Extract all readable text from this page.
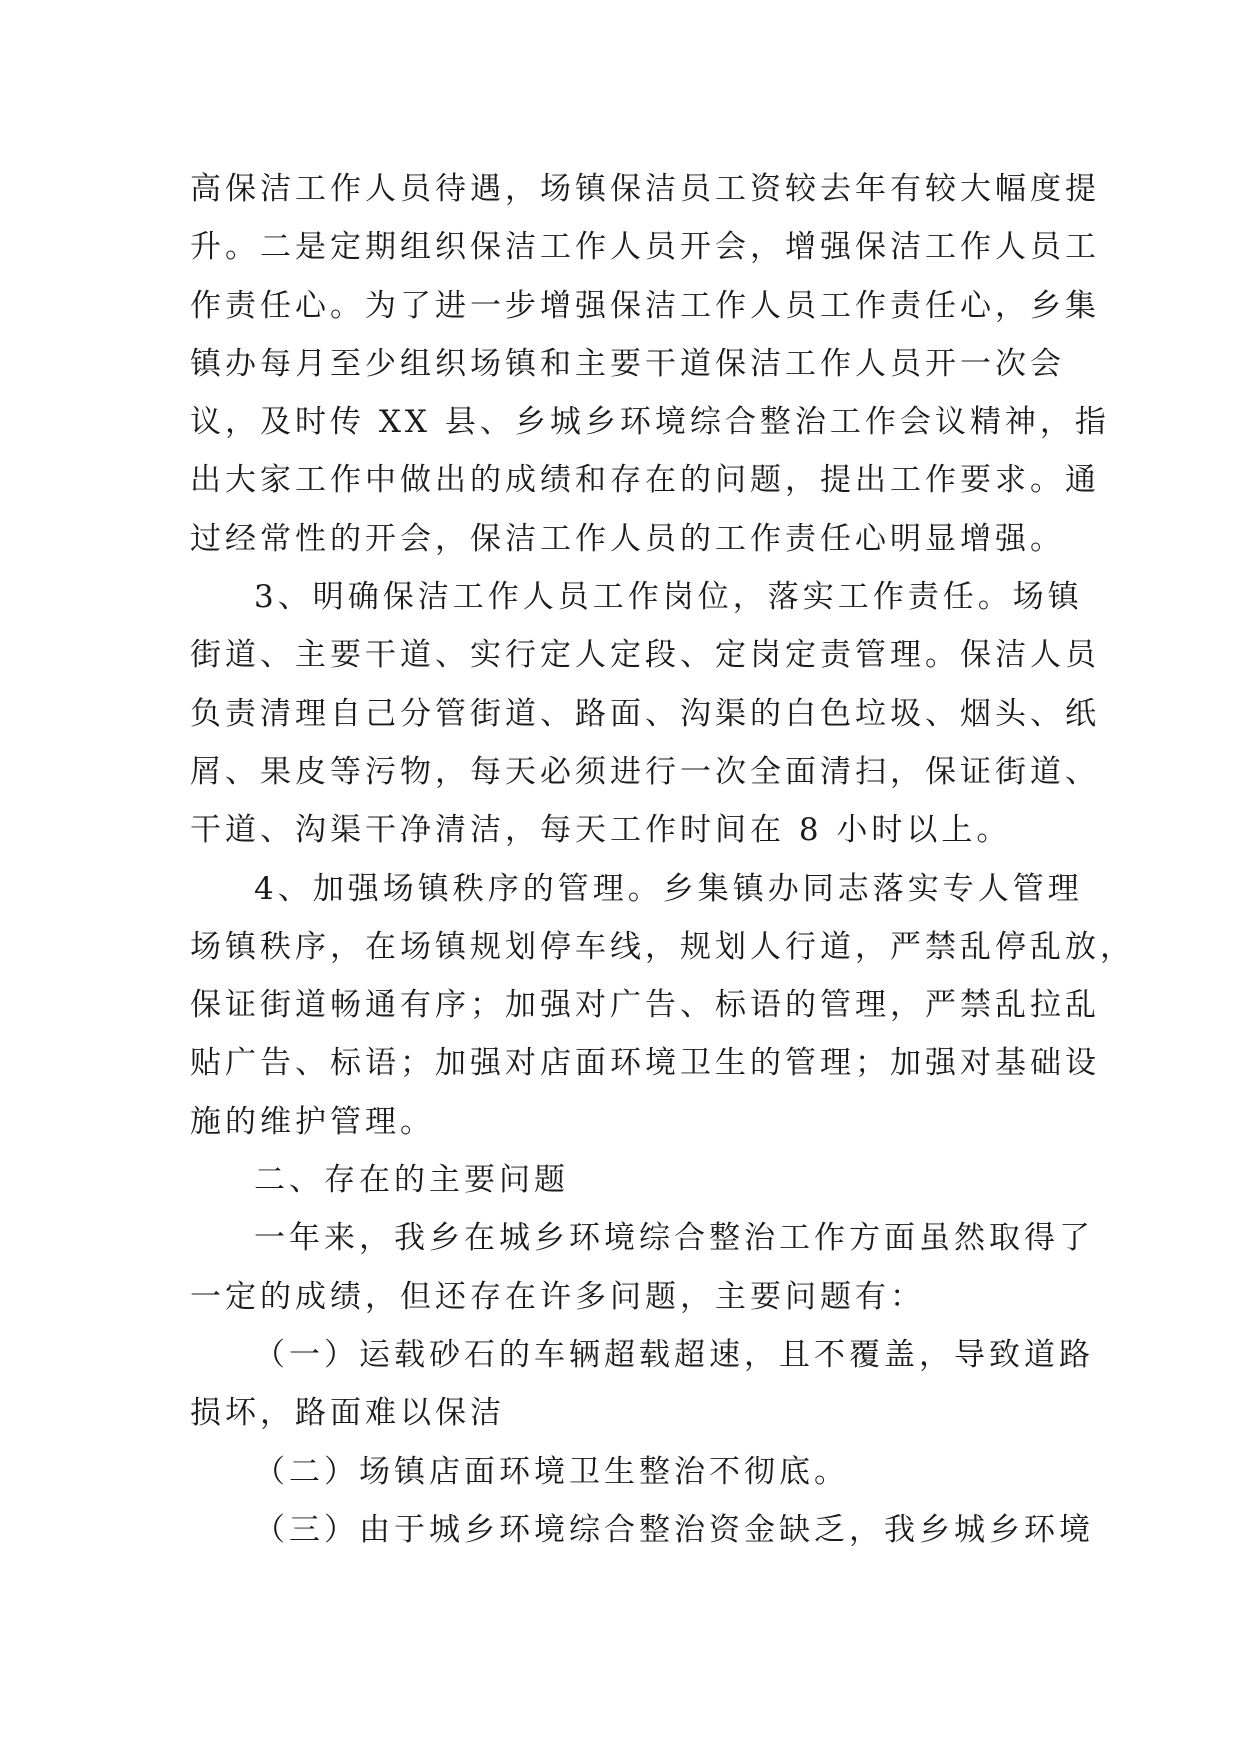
高保洁工作人员待遇，场镇保洁员工资较去年有较大幅度提
升。二是定期组织保洁工作人员开会，增强保洁工作人员工
作责任心。为了进一步增强保洁工作人员工作责任心，乡集
镇办每月至少组织场镇和主要干道保洁工作人员开一次会
议，及时传 XX 县、乡城乡环境综合整治工作会议精神，指
出大家工作中做出的成绩和存在的问题，提出工作要求。通
过经常性的开会，保洁工作人员的工作责任心明显增强。
3、明确保洁工作人员工作岗位，落实工作责任。场镇
街道、主要干道、实行定人定段、定岗定责管理。保洁人员
负责清理自己分管街道、路面、沟渠的白色垃圾、烟头、纸
屑、果皮等污物，每天必须进行一次全面清扫，保证街道、
干道、沟渠干净清洁，每天工作时间在 8 小时以上。
4、加强场镇秩序的管理。乡集镇办同志落实专人管理
场镇秩序，在场镇规划停车线，规划人行道，严禁乱停乱放，
保证街道畅通有序；加强对广告、标语的管理，严禁乱拉乱
贴广告、标语；加强对店面环境卫生的管理；加强对基础设
施的维护管理。
二、存在的主要问题
一年来，我乡在城乡环境综合整治工作方面虽然取得了
一定的成绩，但还存在许多问题，主要问题有：
（一）运载砂石的车辆超载超速，且不覆盖，导致道路
损坏，路面难以保洁
（二）场镇店面环境卫生整治不彻底。
（三）由于城乡环境综合整治资金缺乏，我乡城乡环境
